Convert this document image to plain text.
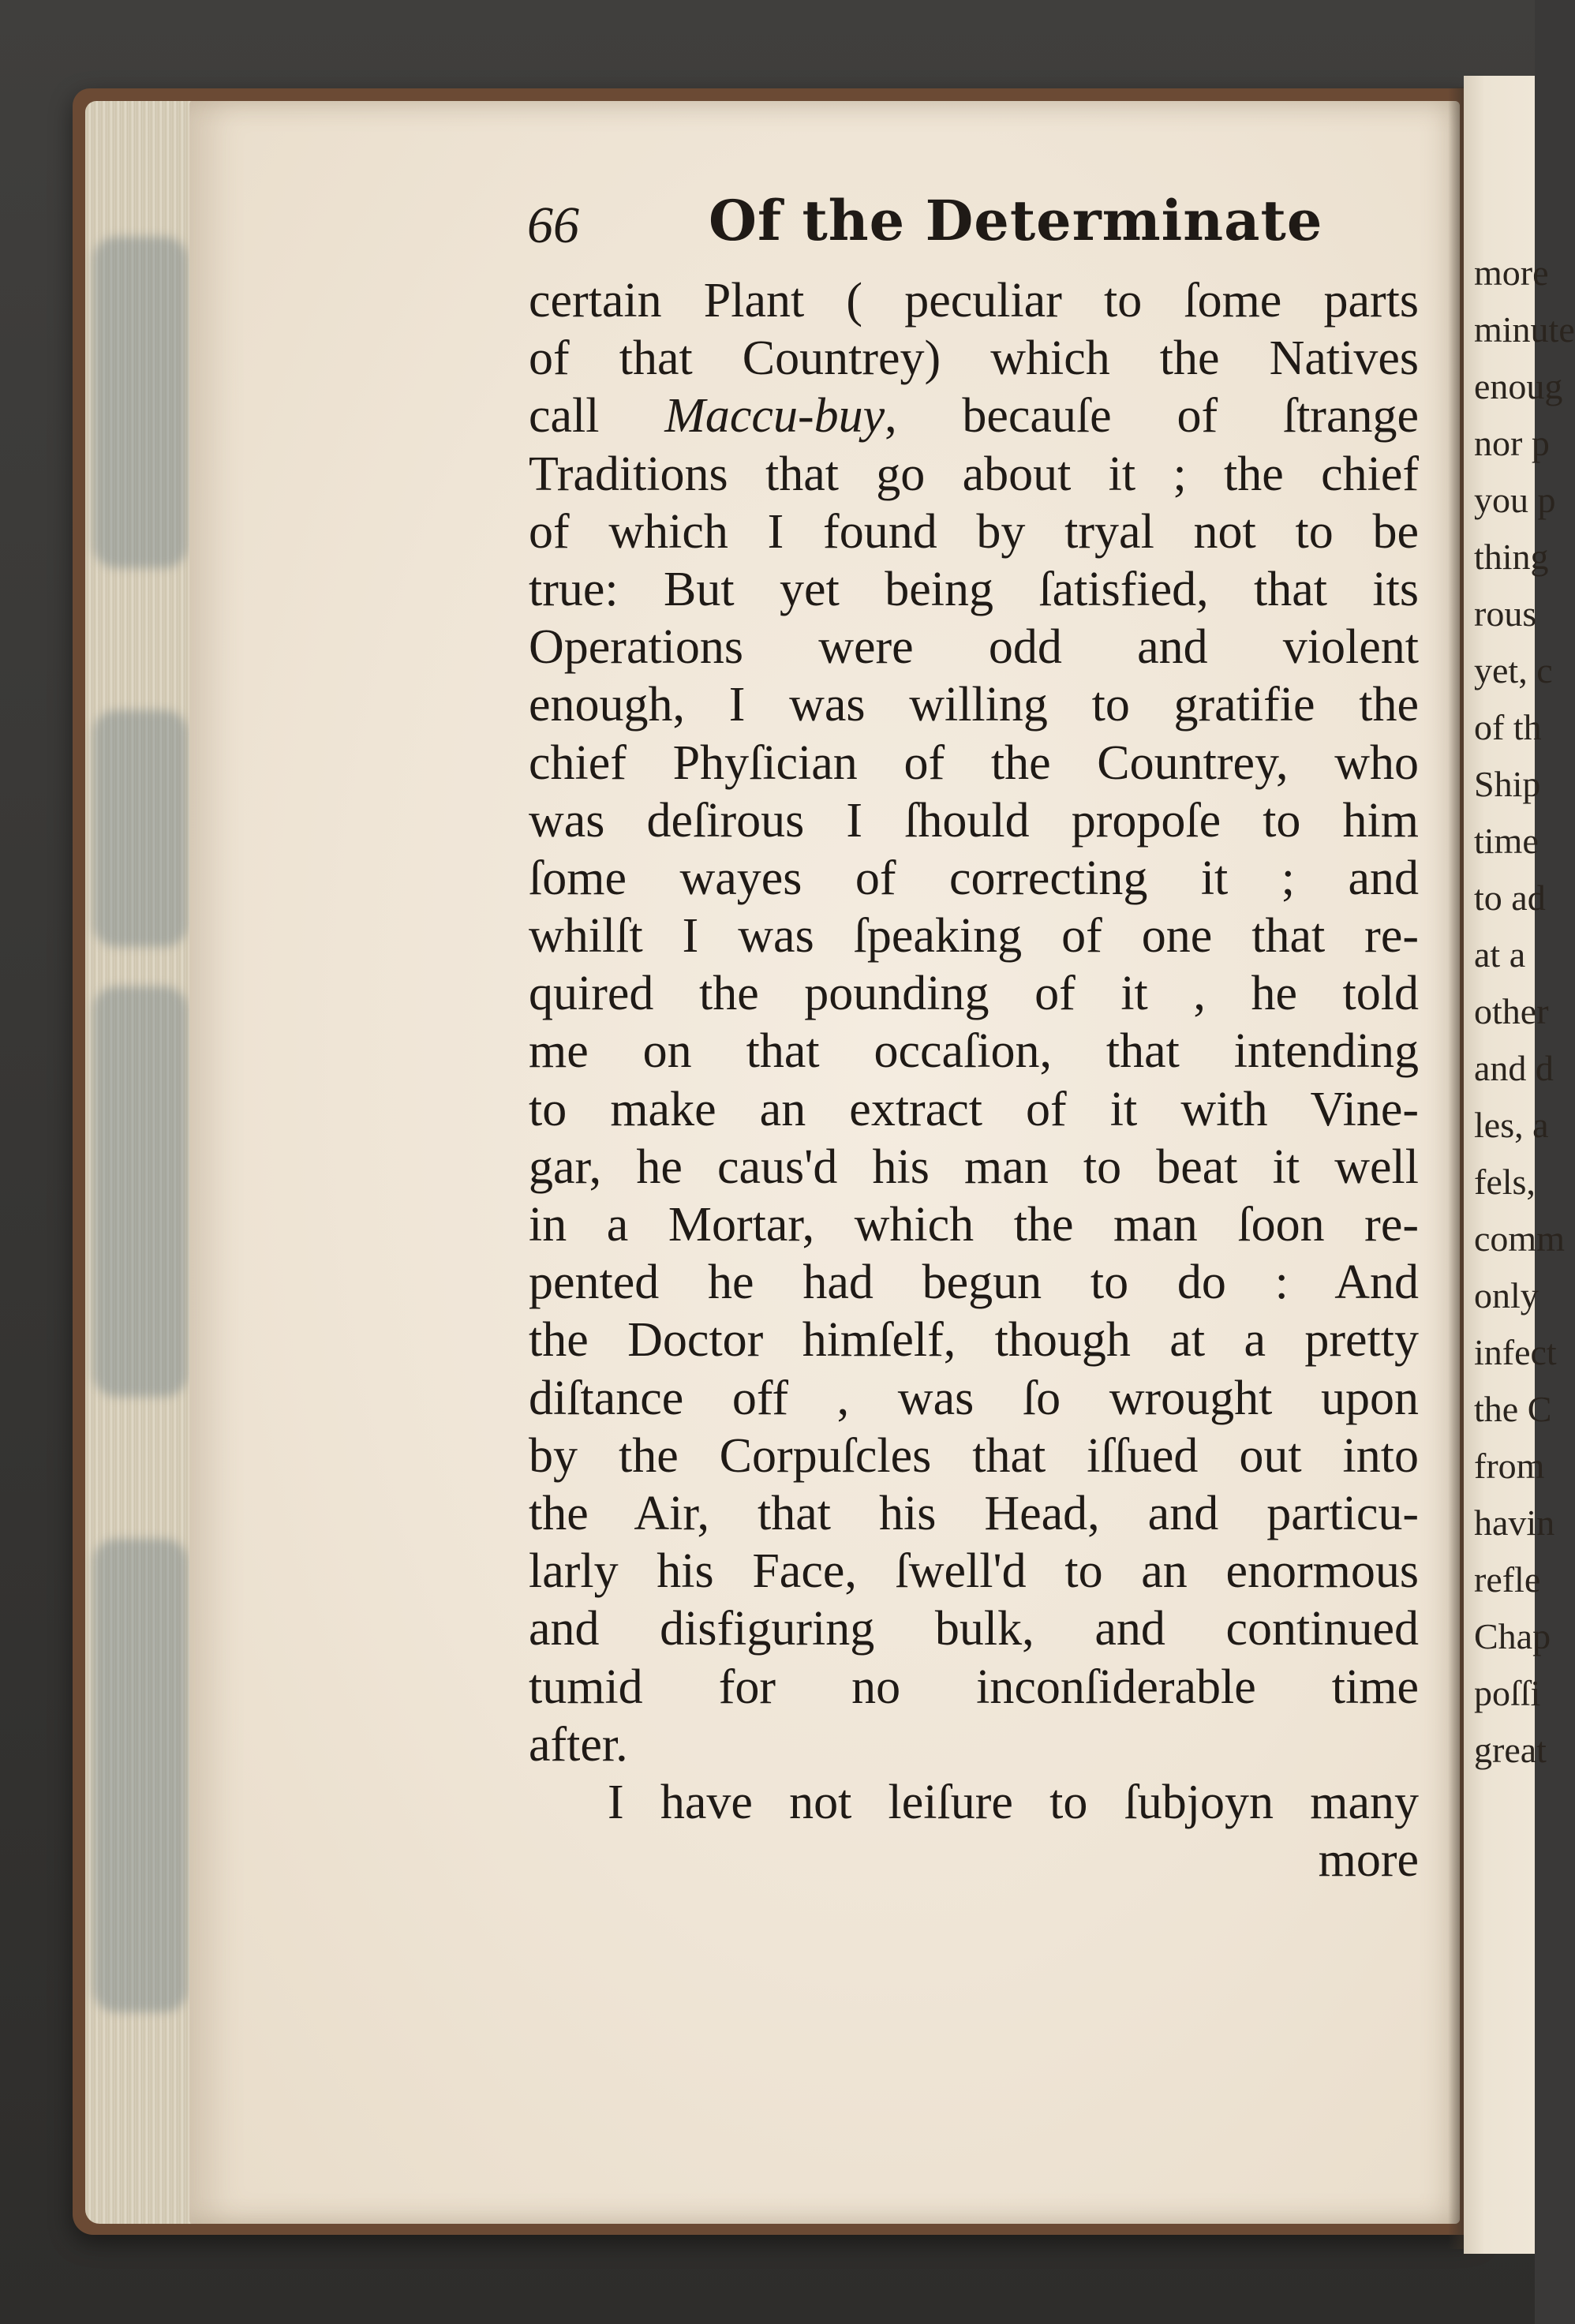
more
minute
enoug
nor p
you p
thing
rous
yet, c
of th
Ship
time
to ad
at a
other
and d
les, a
fels,
comm
only
infect
the C
from
havin
refle
Chap
poſſi
great
66 Of the Determinate
certain Plant ( peculiar to ſome parts
of that Countrey) which the Natives
call Maccu-buy, becauſe of ſtrange
Traditions that go about it ; the chief
of which I found by tryal not to be
true: But yet being ſatisfied, that its
Operations were odd and violent
enough, I was willing to gratifie the
chief Phyſician of the Countrey, who
was deſirous I ſhould propoſe to him
ſome wayes of correcting it ; and
whilſt I was ſpeaking of one that re-
quired the pounding of it , he told
me on that occaſion, that intending
to make an extract of it with Vine-
gar, he caus'd his man to beat it well
in a Mortar, which the man ſoon re-
pented he had begun to do : And
the Doctor himſelf, though at a pretty
diſtance off , was ſo wrought upon
by the Corpuſcles that iſſued out into
the Air, that his Head, and particu-
larly his Face, ſwell'd to an enormous
and disfiguring bulk, and continued
tumid for no inconſiderable time
after.
I have not leiſure to ſubjoyn many
more
